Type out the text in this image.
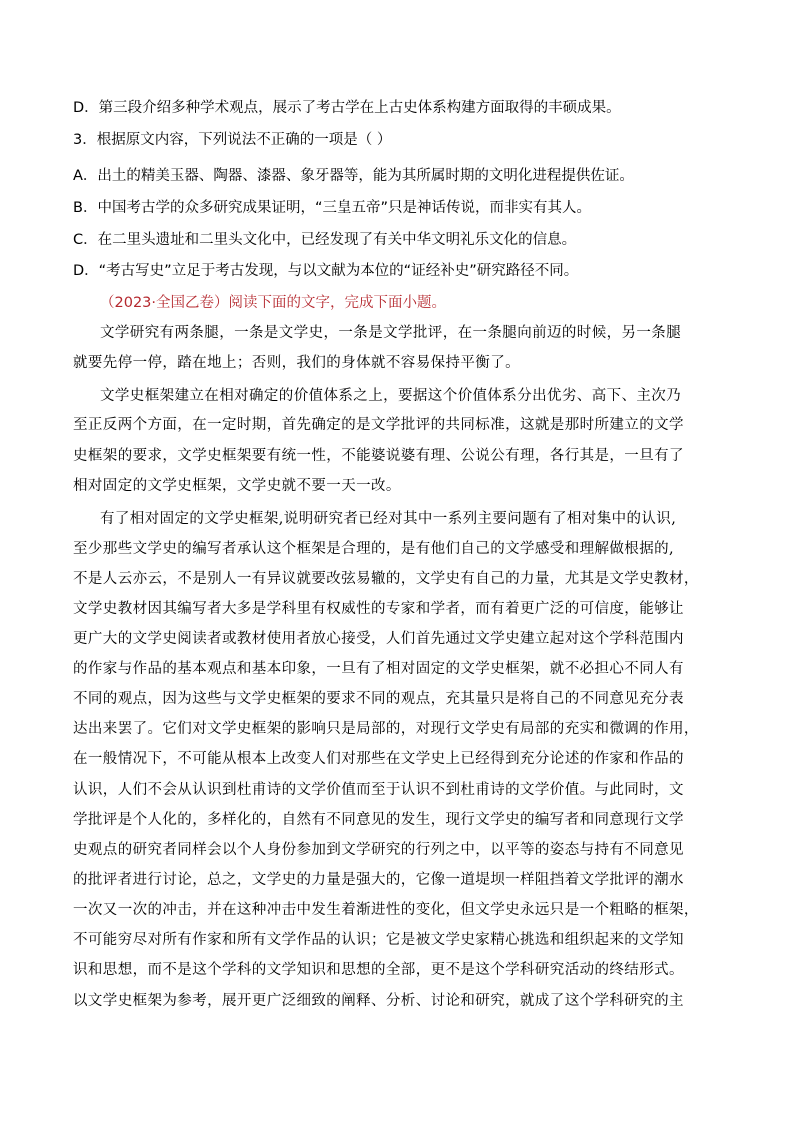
D．第三段介绍多种学术观点，展示了考古学在上古史体系构建方面取得的丰硕成果。
3．根据原文内容，下列说法不正确的一项是（ ）
A．出土的精美玉器、陶器、漆器、象牙器等，能为其所属时期的文明化进程提供佐证。
B．中国考古学的众多研究成果证明，“三皇五帝”只是神话传说，而非实有其人。
C．在二里头遗址和二里头文化中，已经发现了有关中华文明礼乐文化的信息。
D．“考古写史”立足于考古发现，与以文献为本位的“证经补史”研究路径不同。
（2023·全国乙卷）阅读下面的文字，完成下面小题。
文学研究有两条腿，一条是文学史，一条是文学批评，在一条腿向前迈的时候，另一条腿
就要先停一停，踏在地上；否则，我们的身体就不容易保持平衡了。
文学史框架建立在相对确定的价值体系之上，要据这个价值体系分出优劣、高下、主次乃
至正反两个方面，在一定时期，首先确定的是文学批评的共同标准，这就是那时所建立的文学
史框架的要求，文学史框架要有统一性，不能婆说婆有理、公说公有理，各行其是，一旦有了
相对固定的文学史框架，文学史就不要一天一改。
有了相对固定的文学史框架,说明研究者已经对其中一系列主要问题有了相对集中的认识,
至少那些文学史的编写者承认这个框架是合理的，是有他们自己的文学感受和理解做根据的,
不是人云亦云，不是别人一有异议就要改弦易辙的，文学史有自己的力量，尤其是文学史教材，
文学史教材因其编写者大多是学科里有权威性的专家和学者，而有着更广泛的可信度，能够让
更广大的文学史阅读者或教材使用者放心接受，人们首先通过文学史建立起对这个学科范围内
的作家与作品的基本观点和基本印象，一旦有了相对固定的文学史框架，就不必担心不同人有
不同的观点，因为这些与文学史框架的要求不同的观点，充其量只是将自己的不同意见充分表
达出来罢了。它们对文学史框架的影响只是局部的，对现行文学史有局部的充实和微调的作用，
在一般情况下，不可能从根本上改变人们对那些在文学史上已经得到充分论述的作家和作品的
认识，人们不会从认识到杜甫诗的文学价值而至于认识不到杜甫诗的文学价值。与此同时，文
学批评是个人化的，多样化的，自然有不同意见的发生，现行文学史的编写者和同意现行文学
史观点的研究者同样会以个人身份参加到文学研究的行列之中，以平等的姿态与持有不同意见
的批评者进行讨论，总之，文学史的力量是强大的，它像一道堤坝一样阻挡着文学批评的潮水
一次又一次的冲击，并在这种冲击中发生着渐进性的变化，但文学史永远只是一个粗略的框架，
不可能穷尽对所有作家和所有文学作品的认识；它是被文学史家精心挑选和组织起来的文学知
识和思想，而不是这个学科的文学知识和思想的全部，更不是这个学科研究活动的终结形式。
以文学史框架为参考，展开更广泛细致的阐释、分析、讨论和研究，就成了这个学科研究的主
